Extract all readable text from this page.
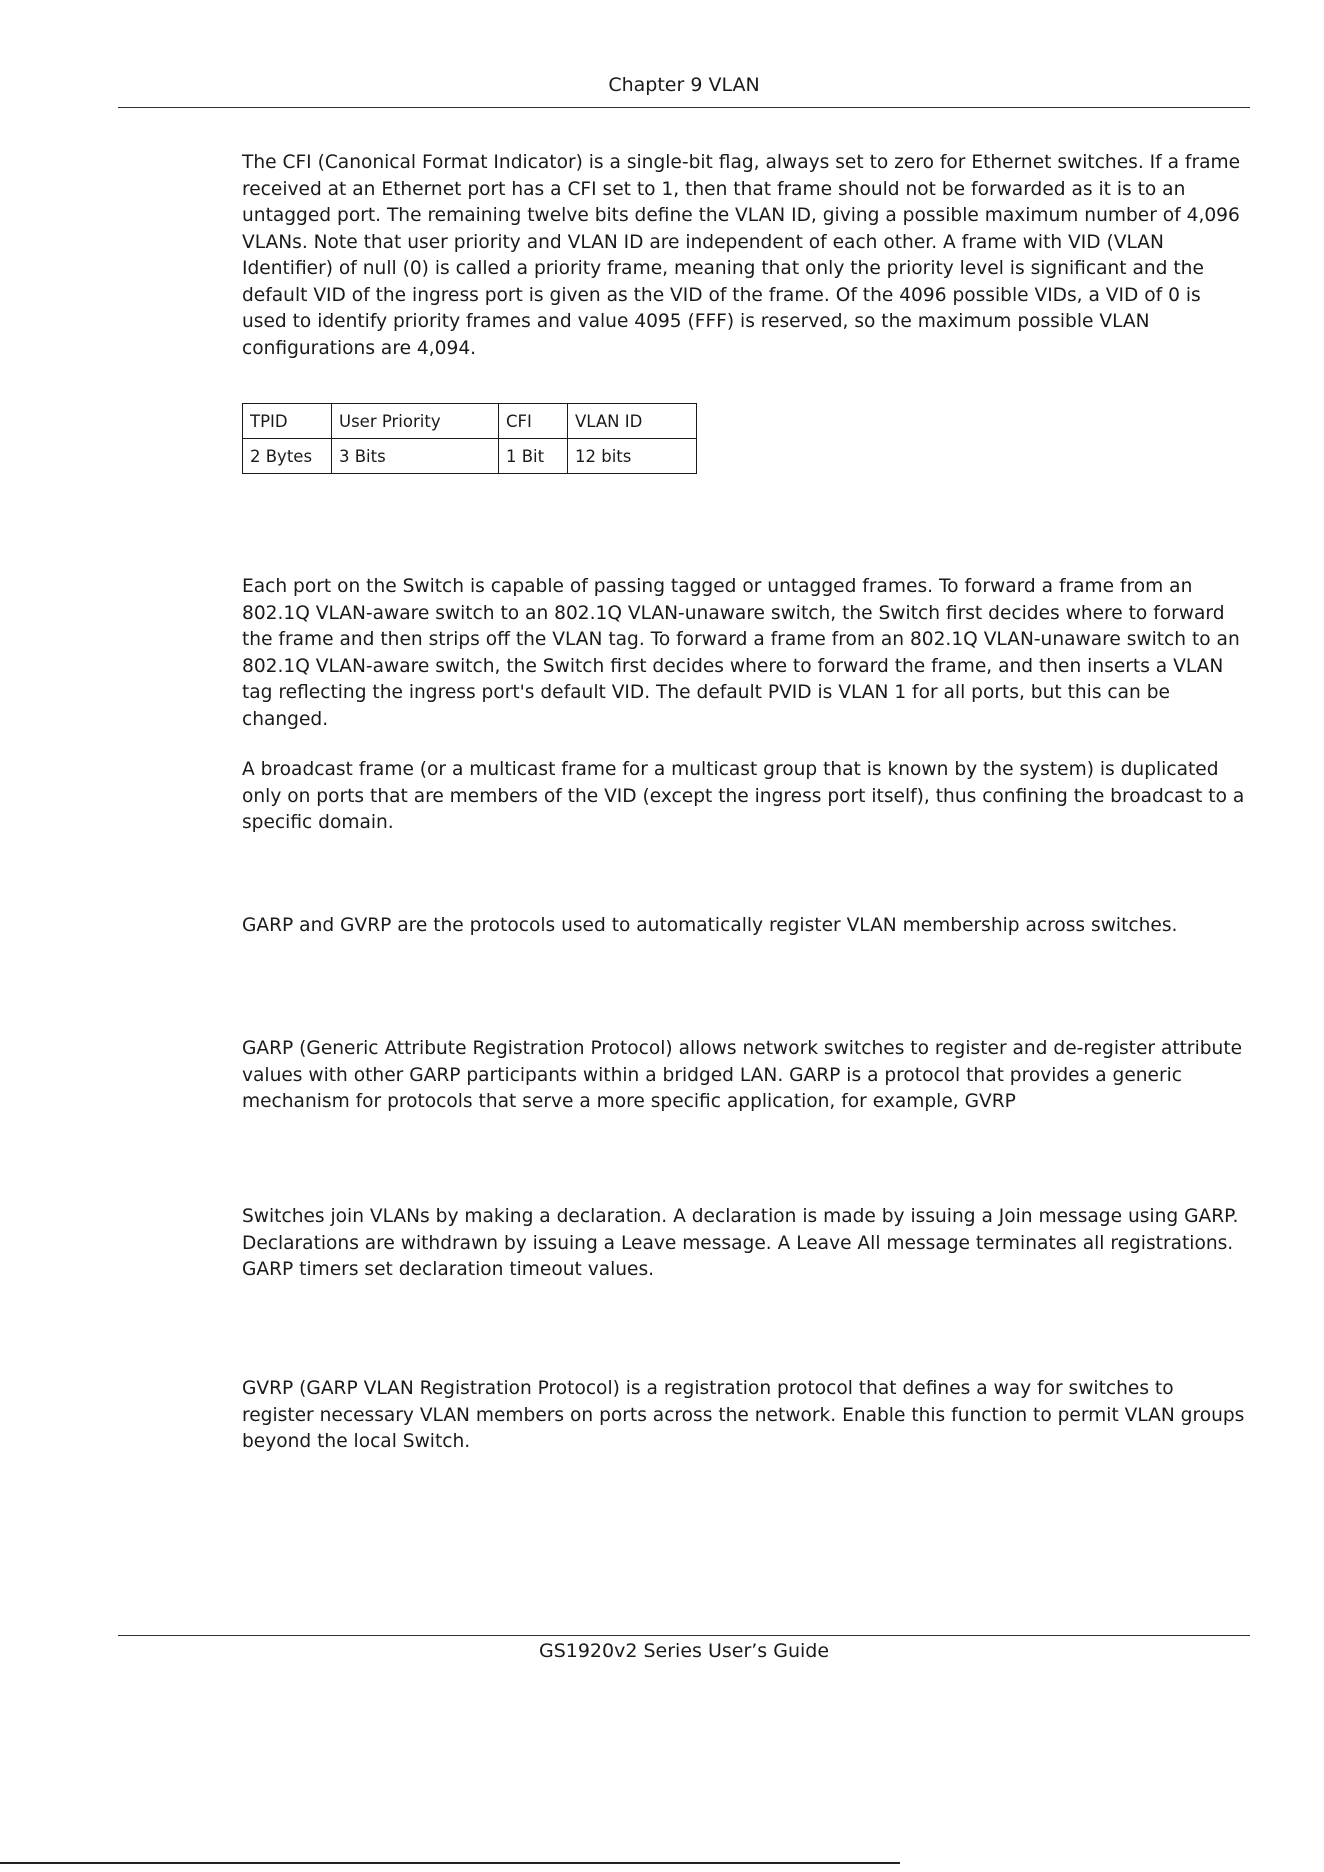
Chapter 9 VLAN

The CFI (Canonical Format Indicator) is a single-bit flag, always set to zero for Ethernet switches. If a frame received at an Ethernet port has a CFI set to 1, then that frame should not be forwarded as it is to an untagged port. The remaining twelve bits define the VLAN ID, giving a possible maximum number of 4,096 VLANs. Note that user priority and VLAN ID are independent of each other. A frame with VID (VLAN Identifier) of null (0) is called a priority frame, meaning that only the priority level is significant and the default VID of the ingress port is given as the VID of the frame. Of the 4096 possible VIDs, a VID of 0 is used to identify priority frames and value 4095 (FFF) is reserved, so the maximum possible VLAN configurations are 4,094.

TPID	User Priority	CFI	VLAN ID
2 Bytes	3 Bits	1 Bit	12 bits

Each port on the Switch is capable of passing tagged or untagged frames. To forward a frame from an 802.1Q VLAN-aware switch to an 802.1Q VLAN-unaware switch, the Switch first decides where to forward the frame and then strips off the VLAN tag. To forward a frame from an 802.1Q VLAN-unaware switch to an 802.1Q VLAN-aware switch, the Switch first decides where to forward the frame, and then inserts a VLAN tag reflecting the ingress port's default VID. The default PVID is VLAN 1 for all ports, but this can be changed.

A broadcast frame (or a multicast frame for a multicast group that is known by the system) is duplicated only on ports that are members of the VID (except the ingress port itself), thus confining the broadcast to a specific domain.

GARP and GVRP are the protocols used to automatically register VLAN membership across switches.

GARP (Generic Attribute Registration Protocol) allows network switches to register and de-register attribute values with other GARP participants within a bridged LAN. GARP is a protocol that provides a generic mechanism for protocols that serve a more specific application, for example, GVRP

Switches join VLANs by making a declaration. A declaration is made by issuing a Join message using GARP. Declarations are withdrawn by issuing a Leave message. A Leave All message terminates all registrations. GARP timers set declaration timeout values.

GVRP (GARP VLAN Registration Protocol) is a registration protocol that defines a way for switches to register necessary VLAN members on ports across the network. Enable this function to permit VLAN groups beyond the local Switch.

GS1920v2 Series User’s Guide
